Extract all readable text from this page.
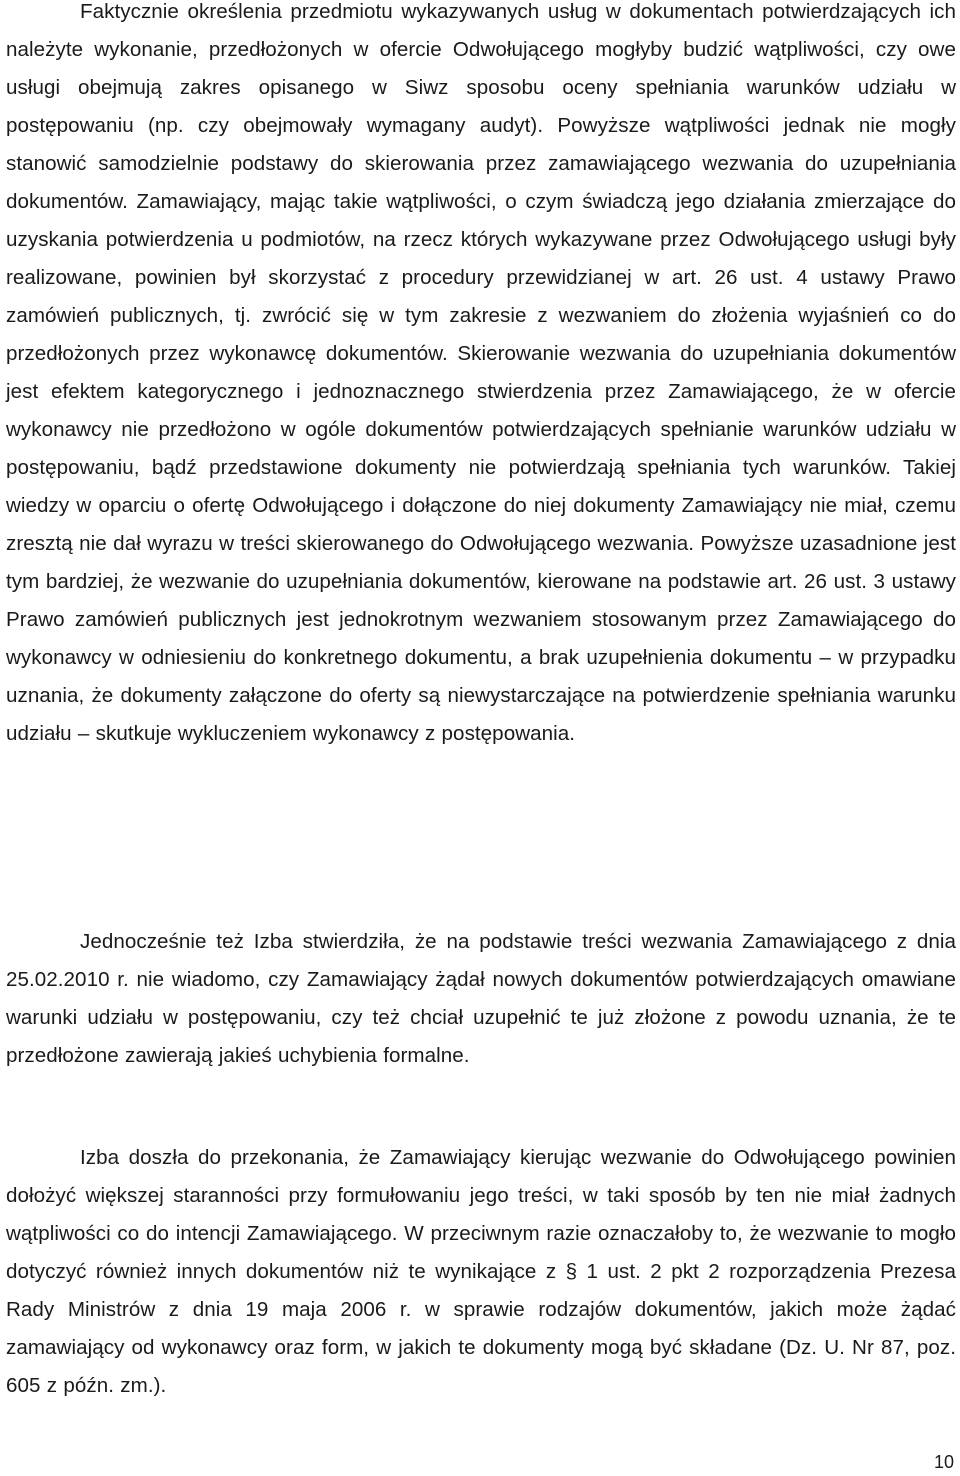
Faktycznie określenia przedmiotu wykazywanych usług w dokumentach potwierdzających ich należyte wykonanie, przedłożonych w ofercie Odwołującego mogłyby budzić wątpliwości, czy owe usługi obejmują zakres opisanego w Siwz sposobu oceny spełniania warunków udziału w postępowaniu (np. czy obejmowały wymagany audyt). Powyższe wątpliwości jednak nie mogły stanowić samodzielnie podstawy do skierowania przez zamawiającego wezwania do uzupełniania dokumentów. Zamawiający, mając takie wątpliwości, o czym świadczą jego działania zmierzające do uzyskania potwierdzenia u podmiotów, na rzecz których wykazywane przez Odwołującego usługi były realizowane, powinien był skorzystać z procedury przewidzianej w art. 26 ust. 4 ustawy Prawo zamówień publicznych, tj. zwrócić się w tym zakresie z wezwaniem do złożenia wyjaśnień co do przedłożonych przez wykonawcę dokumentów. Skierowanie wezwania do uzupełniania dokumentów jest efektem kategorycznego i jednoznacznego stwierdzenia przez Zamawiającego, że w ofercie wykonawcy nie przedłożono w ogóle dokumentów potwierdzających spełnianie warunków udziału w postępowaniu, bądź przedstawione dokumenty nie potwierdzają spełniania tych warunków. Takiej wiedzy w oparciu o ofertę Odwołującego i dołączone do niej dokumenty Zamawiający nie miał, czemu zresztą nie dał wyrazu w treści skierowanego do Odwołującego wezwania. Powyższe uzasadnione jest tym bardziej, że wezwanie do uzupełniania dokumentów, kierowane na podstawie art. 26 ust. 3 ustawy Prawo zamówień publicznych jest jednokrotnym wezwaniem stosowanym przez Zamawiającego do wykonawcy w odniesieniu do konkretnego dokumentu, a brak uzupełnienia dokumentu – w przypadku uznania, że dokumenty załączone do oferty są niewystarczające na potwierdzenie spełniania warunku udziału – skutkuje wykluczeniem wykonawcy z postępowania.

Jednocześnie też Izba stwierdziła, że na podstawie treści wezwania Zamawiającego z dnia 25.02.2010 r. nie wiadomo, czy Zamawiający żądał nowych dokumentów potwierdzających omawiane warunki udziału w postępowaniu, czy też chciał uzupełnić te już złożone z powodu uznania, że te przedłożone zawierają jakieś uchybienia formalne.

Izba doszła do przekonania, że Zamawiający kierując wezwanie do Odwołującego powinien dołożyć większej staranności przy formułowaniu jego treści, w taki sposób by ten nie miał żadnych wątpliwości co do intencji Zamawiającego. W przeciwnym razie oznaczałoby to, że wezwanie to mogło dotyczyć również innych dokumentów niż te wynikające z § 1 ust. 2 pkt 2 rozporządzenia Prezesa Rady Ministrów z dnia 19 maja 2006 r. w sprawie rodzajów dokumentów, jakich może żądać zamawiający od wykonawcy oraz form, w jakich te dokumenty mogą być składane (Dz. U. Nr 87, poz. 605 z późn. zm.).

10
